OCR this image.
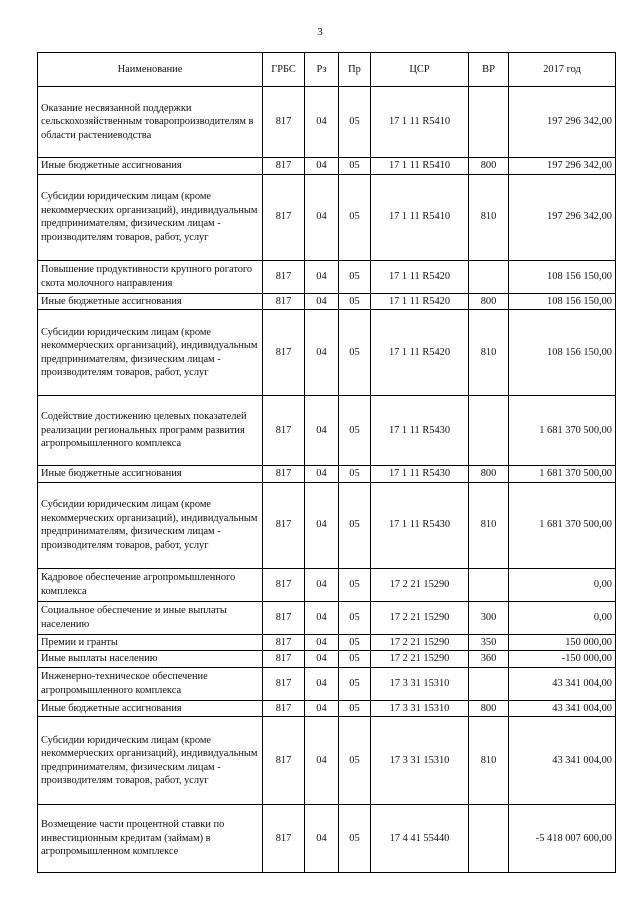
3
Наименование	ГРБС	Рз	Пр	ЦСР	ВР	2017 год
Оказание несвязанной поддержки сельскохозяйственным товаропроизводителям в области растениеводства	817	04	05	17 1 11 R5410		197 296 342,00
Иные бюджетные ассигнования	817	04	05	17 1 11 R5410	800	197 296 342,00
Субсидии юридическим лицам (кроме некоммерческих организаций), индивидуальным предпринимателям, физическим лицам - производителям товаров, работ, услуг	817	04	05	17 1 11 R5410	810	197 296 342,00
Повышение продуктивности крупного рогатого скота молочного направления	817	04	05	17 1 11 R5420		108 156 150,00
Иные бюджетные ассигнования	817	04	05	17 1 11 R5420	800	108 156 150,00
Субсидии юридическим лицам (кроме некоммерческих организаций), индивидуальным предпринимателям, физическим лицам - производителям товаров, работ, услуг	817	04	05	17 1 11 R5420	810	108 156 150,00
Содействие достижению целевых показателей реализации региональных программ развития агропромышленного комплекса	817	04	05	17 1 11 R5430		1 681 370 500,00
Иные бюджетные ассигнования	817	04	05	17 1 11 R5430	800	1 681 370 500,00
Субсидии юридическим лицам (кроме некоммерческих организаций), индивидуальным предпринимателям, физическим лицам - производителям товаров, работ, услуг	817	04	05	17 1 11 R5430	810	1 681 370 500,00
Кадровое обеспечение агропромышленного комплекса	817	04	05	17 2 21 15290		0,00
Социальное обеспечение и иные выплаты населению	817	04	05	17 2 21 15290	300	0,00
Премии и гранты	817	04	05	17 2 21 15290	350	150 000,00
Иные выплаты населению	817	04	05	17 2 21 15290	360	-150 000,00
Инженерно-техническое обеспечение агропромышленного комплекса	817	04	05	17 3 31 15310		43 341 004,00
Иные бюджетные ассигнования	817	04	05	17 3 31 15310	800	43 341 004,00
Субсидии юридическим лицам (кроме некоммерческих организаций), индивидуальным предпринимателям, физическим лицам - производителям товаров, работ, услуг	817	04	05	17 3 31 15310	810	43 341 004,00
Возмещение части процентной ставки по инвестиционным кредитам (займам) в агропромышленном комплексе	817	04	05	17 4 41 55440		-5 418 007 600,00
